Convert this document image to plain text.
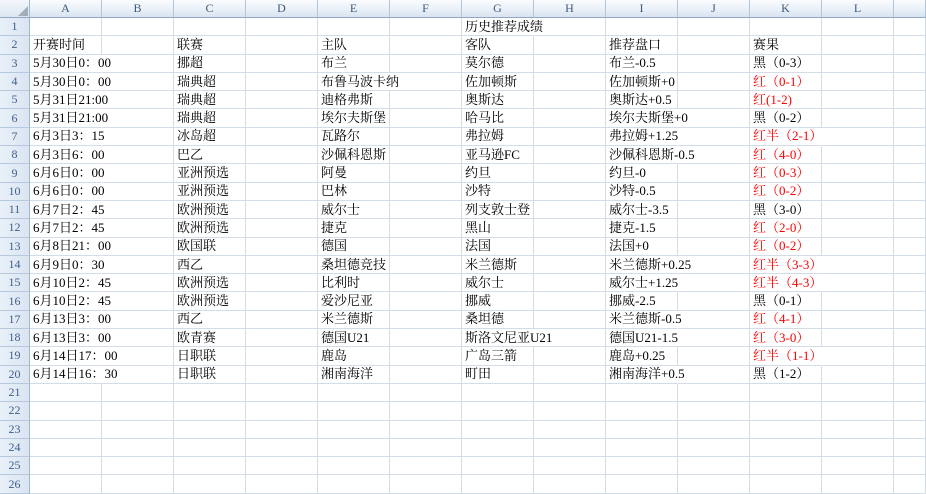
	A	B	C	D	E	F	G	H	I	J	K	L	
1							历史推荐成绩						
2	开赛时间		联赛		主队		客队		推荐盘口		赛果		
3	5月30日0：00		挪超		布兰		莫尔德		布兰-0.5		黑（0-3）		
4	5月30日0：00		瑞典超		布鲁马波卡纳		佐加顿斯		佐加顿斯+0		红（0-1）		
5	5月31日21:00		瑞典超		迪格弗斯		奥斯达		奥斯达+0.5		红(1-2)		
6	5月31日21:00		瑞典超		埃尔夫斯堡		哈马比		埃尔夫斯堡+0		黑（0-2）		
7	6月3日3：15		冰岛超		瓦路尔		弗拉姆		弗拉姆+1.25		红半（2-1）		
8	6月3日6：00		巴乙		沙佩科恩斯		亚马逊FC		沙佩科恩斯-0.5		红（4-0）		
9	6月6日0：00		亚洲预选		阿曼		约旦		约旦-0		红（0-3）		
10	6月6日0：00		亚洲预选		巴林		沙特		沙特-0.5		红（0-2）		
11	6月7日2：45		欧洲预选		威尔士		列支敦士登		威尔士-3.5		黑（3-0）		
12	6月7日2：45		欧洲预选		捷克		黑山		捷克-1.5		红（2-0）		
13	6月8日21：00		欧国联		德国		法国		法国+0		红（0-2）		
14	6月9日0：30		西乙		桑坦德竞技		米兰德斯		米兰德斯+0.25		红半（3-3）		
15	6月10日2：45		欧洲预选		比利时		威尔士		威尔士+1.25		红半（4-3）		
16	6月10日2：45		欧洲预选		爱沙尼亚		挪威		挪威-2.5		黑（0-1）		
17	6月13日3：00		西乙		米兰德斯		桑坦德		米兰德斯-0.5		红（4-1）		
18	6月13日3：00		欧青赛		德国U21		斯洛文尼亚U21		德国U21-1.5		红（3-0）		
19	6月14日17：00		日职联		鹿岛		广岛三箭		鹿岛+0.25		红半（1-1）		
20	6月14日16：30		日职联		湘南海洋		町田		湘南海洋+0.5		黑（1-2）		
21													
22													
23													
24													
25													
26													
